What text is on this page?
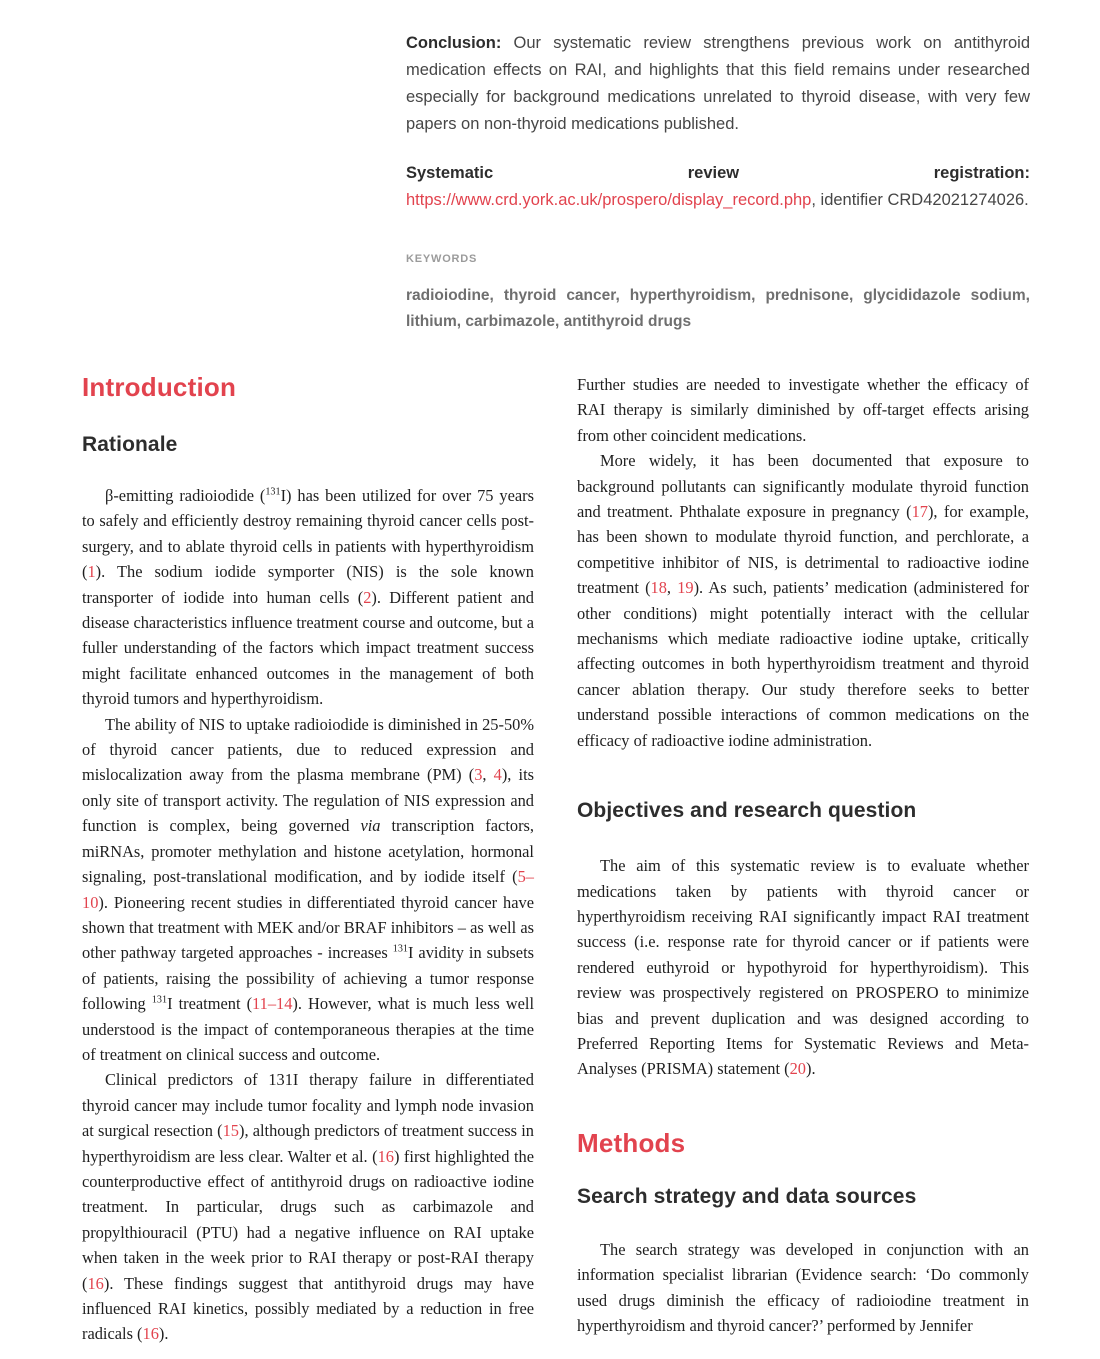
Conclusion: Our systematic review strengthens previous work on antithyroid medication effects on RAI, and highlights that this field remains under researched especially for background medications unrelated to thyroid disease, with very few papers on non-thyroid medications published.

Systematic review registration: https://www.crd.york.ac.uk/prospero/display_record.php, identifier CRD42021274026.

KEYWORDS
radioiodine, thyroid cancer, hyperthyroidism, prednisone, glycididazole sodium, lithium, carbimazole, antithyroid drugs
Introduction
Rationale

β-emitting radioiodide ($^{131}$I) has been utilized for over 75 years to safely and efficiently destroy remaining thyroid cancer cells post-surgery, and to ablate thyroid cells in patients with hyperthyroidism (1). The sodium iodide symporter (NIS) is the sole known transporter of iodide into human cells (2). Different patient and disease characteristics influence treatment course and outcome, but a fuller understanding of the factors which impact treatment success might facilitate enhanced outcomes in the management of both thyroid tumors and hyperthyroidism.

The ability of NIS to uptake radioiodide is diminished in 25-50% of thyroid cancer patients, due to reduced expression and mislocalization away from the plasma membrane (PM) (3, 4), its only site of transport activity. The regulation of NIS expression and function is complex, being governed via transcription factors, miRNAs, promoter methylation and histone acetylation, hormonal signaling, post-translational modification, and by iodide itself (5–10). Pioneering recent studies in differentiated thyroid cancer have shown that treatment with MEK and/or BRAF inhibitors – as well as other pathway targeted approaches - increases $^{131}$I avidity in subsets of patients, raising the possibility of achieving a tumor response following $^{131}$I treatment (11–14). However, what is much less well understood is the impact of contemporaneous therapies at the time of treatment on clinical success and outcome.

Clinical predictors of 131I therapy failure in differentiated thyroid cancer may include tumor focality and lymph node invasion at surgical resection (15), although predictors of treatment success in hyperthyroidism are less clear. Walter et al. (16) first highlighted the counterproductive effect of antithyroid drugs on radioactive iodine treatment. In particular, drugs such as carbimazole and propylthiouracil (PTU) had a negative influence on RAI uptake when taken in the week prior to RAI therapy or post-RAI therapy (16). These findings suggest that antithyroid drugs may have influenced RAI kinetics, possibly mediated by a reduction in free radicals (16).

Further studies are needed to investigate whether the efficacy of RAI therapy is similarly diminished by off-target effects arising from other coincident medications.

More widely, it has been documented that exposure to background pollutants can significantly modulate thyroid function and treatment. Phthalate exposure in pregnancy (17), for example, has been shown to modulate thyroid function, and perchlorate, a competitive inhibitor of NIS, is detrimental to radioactive iodine treatment (18, 19). As such, patients’ medication (administered for other conditions) might potentially interact with the cellular mechanisms which mediate radioactive iodine uptake, critically affecting outcomes in both hyperthyroidism treatment and thyroid cancer ablation therapy. Our study therefore seeks to better understand possible interactions of common medications on the efficacy of radioactive iodine administration.

Objectives and research question

The aim of this systematic review is to evaluate whether medications taken by patients with thyroid cancer or hyperthyroidism receiving RAI significantly impact RAI treatment success (i.e. response rate for thyroid cancer or if patients were rendered euthyroid or hypothyroid for hyperthyroidism). This review was prospectively registered on PROSPERO to minimize bias and prevent duplication and was designed according to Preferred Reporting Items for Systematic Reviews and Meta-Analyses (PRISMA) statement (20).

Methods
Search strategy and data sources

The search strategy was developed in conjunction with an information specialist librarian (Evidence search: ‘Do commonly used drugs diminish the efficacy of radioiodine treatment in hyperthyroidism and thyroid cancer?’ performed by Jennifer
